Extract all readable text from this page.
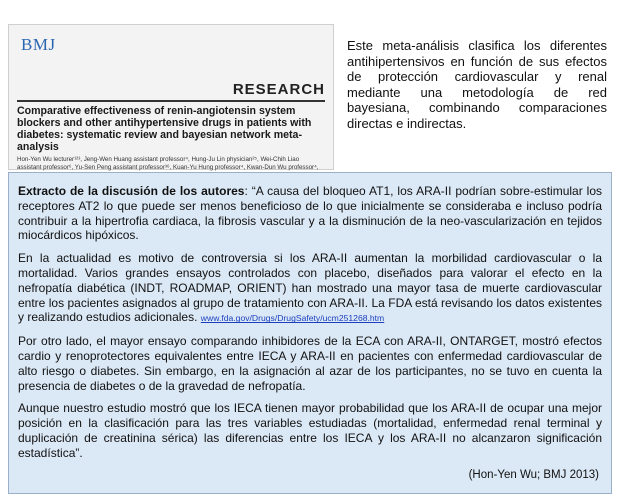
BMJ
RESEARCH
Comparative effectiveness of renin-angiotensin system blockers and other antihypertensive drugs in patients with diabetes: systematic review and bayesian network meta-analysis
Hon-Yen Wu lecturer¹²³, Jeng-Wen Huang assistant professor⁴, Hung-Ju Lin physician²⁵, Wei-Chih Liao assistant professor⁶, Yu-Sen Peng assistant professor³⁶, Kuan-Yu Hung professor⁴, Kwan-Dun Wu professor⁴,
Este meta-análisis clasifica los diferentes antihipertensivos en función de sus efectos de protección cardiovascular y renal mediante una metodología de red bayesiana, combinando comparaciones directas e indirectas.

Extracto de la discusión de los autores: “A causa del bloqueo AT1, los ARA-II podrían sobre-estimular los receptores AT2 lo que puede ser menos beneficioso de lo que inicialmente se consideraba e incluso podría contribuir a la hipertrofia cardiaca, la fibrosis vascular y a la disminución de la neo-vascularización en tejidos miocárdicos hipóxicos.

En la actualidad es motivo de controversia si los ARA-II aumentan la morbilidad cardiovascular o la mortalidad. Varios grandes ensayos controlados con placebo, diseñados para valorar el efecto en la nefropatía diabética (INDT, ROADMAP, ORIENT) han mostrado una mayor tasa de muerte cardiovascular entre los pacientes asignados al grupo de tratamiento con ARA-II. La FDA está revisando los datos existentes y realizando estudios adicionales. www.fda.gov/Drugs/DrugSafety/ucm251268.htm

Por otro lado, el mayor ensayo comparando inhibidores de la ECA con ARA-II, ONTARGET, mostró efectos cardio y renoprotectores equivalentes entre IECA y ARA-II en pacientes con enfermedad cardiovascular de alto riesgo o diabetes. Sin embargo, en la asignación al azar de los participantes, no se tuvo en cuenta la presencia de diabetes o de la gravedad de nefropatía.

Aunque nuestro estudio mostró que los IECA tienen mayor probabilidad que los ARA-II de ocupar una mejor posición en la clasificación para las tres variables estudiadas (mortalidad, enfermedad renal terminal y duplicación de creatinina sérica) las diferencias entre los IECA y los ARA-II no alcanzaron significación estadística”.

(Hon-Yen Wu; BMJ 2013)
